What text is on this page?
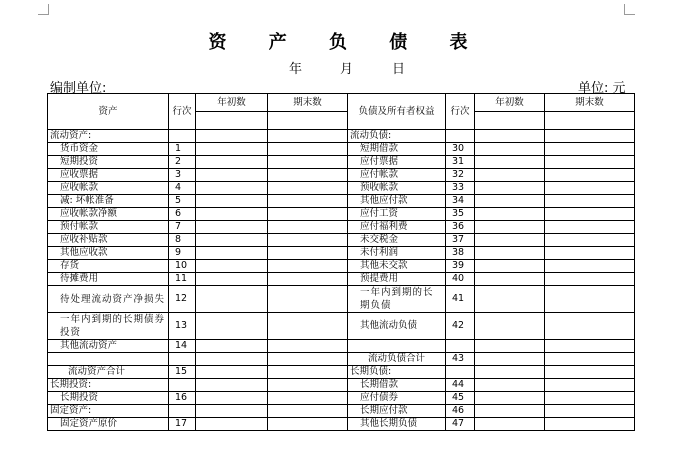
资 产 负 债 表
年	月	日
编制单位:	单位: 元
资产	行次	年初数	期末数	负债及所有者权益	行次	年初数	期末数

流动资产:				流动负债:			
货币资金	1			短期借款	30		
短期投资	2			应付票据	31		
应收票据	3			应付帐款	32		
应收帐款	4			预收帐款	33		
减: 坏帐准备	5			其他应付款	34		
应收帐款净额	6			应付工资	35		
预付帐款	7			应付福利费	36		
应收补贴款	8			未交税金	37		
其他应收款	9			未付利润	38		
存货	10			其他未交款	39		
待摊费用	11			预提费用	40		
待处理流动资产净损失	12			一年内到期的长期负债	41		
一年内到期的长期债券投资	13			其他流动负债	42		
其他流动资产	14						
				流动负债合计	43		
流动资产合计	15			长期负债:			
长期投资:				长期借款	44		
长期投资	16			应付债券	45		
固定资产:				长期应付款	46		
固定资产原价	17			其他长期负债	47		
